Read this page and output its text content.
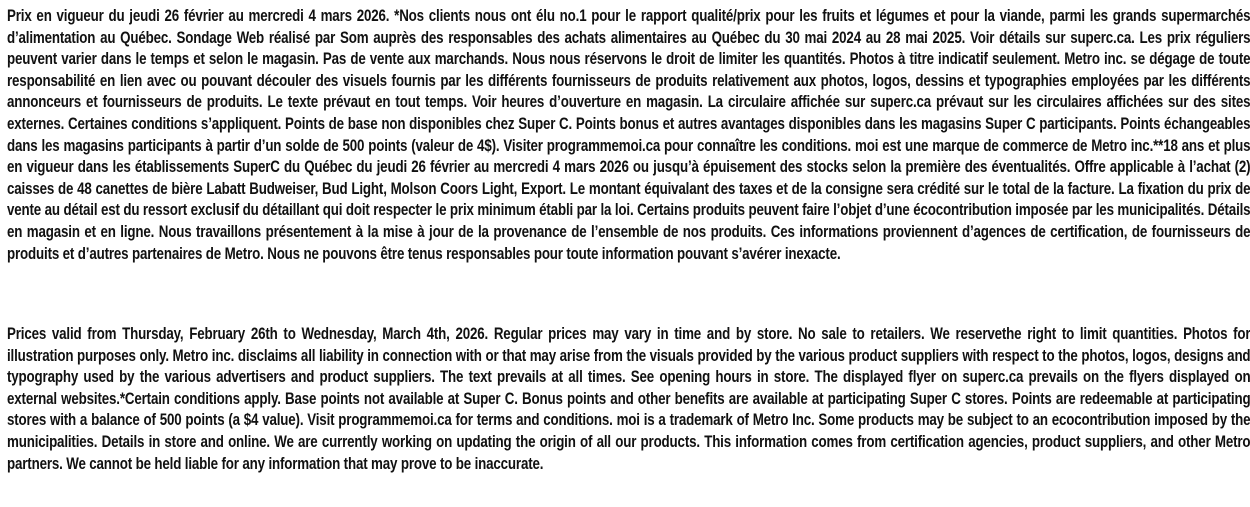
Prix en vigueur du jeudi 26 février au mercredi 4 mars 2026. *Nos clients nous ont élu no.1 pour le rapport qualité/prix pour les fruits et légumes et pour la viande, parmi les grands supermarchés d’alimentation au Québec. Sondage Web réalisé par Som auprès des responsables des achats alimentaires au Québec du 30 mai 2024 au 28 mai 2025. Voir détails sur superc.ca. Les prix réguliers peuvent varier dans le temps et selon le magasin. Pas de vente aux marchands. Nous nous réservons le droit de limiter les quantités. Photos à titre indicatif seulement. Metro inc. se dégage de toute responsabilité en lien avec ou pouvant découler des visuels fournis par les différents fournisseurs de produits relativement aux photos, logos, dessins et typographies employées par les différents annonceurs et fournisseurs de produits. Le texte prévaut en tout temps. Voir heures d’ouverture en magasin. La circulaire affichée sur superc.ca prévaut sur les circulaires affichées sur des sites externes. Certaines conditions s’appliquent. Points de base non disponibles chez Super C. Points bonus et autres avantages disponibles dans les magasins Super C participants. Points échangeables dans les magasins participants à partir d’un solde de 500 points (valeur de 4$). Visiter programmemoi.ca pour connaître les conditions. moi est une marque de commerce de Metro inc.**18 ans et plus en vigueur dans les établissements SuperC du Québec du jeudi 26 février au mercredi 4 mars 2026 ou jusqu’à épuisement des stocks selon la première des éventualités. Offre applicable à l’achat (2) caisses de 48 canettes de bière Labatt Budweiser, Bud Light, Molson Coors Light, Export. Le montant équivalant des taxes et de la consigne sera crédité sur le total de la facture. La fixation du prix de vente au détail est du ressort exclusif du détaillant qui doit respecter le prix minimum établi par la loi. Certains produits peuvent faire l’objet d’une écocontribution imposée par les municipalités. Détails en magasin et en ligne. Nous travaillons présentement à la mise à jour de la provenance de l’ensemble de nos produits. Ces informations proviennent d’agences de certification, de fournisseurs de produits et d’autres partenaires de Metro. Nous ne pouvons être tenus responsables pour toute information pouvant s’avérer inexacte.

Prices valid from Thursday, February 26th to Wednesday, March 4th, 2026. Regular prices may vary in time and by store. No sale to retailers. We reservethe right to limit quantities. Photos for illustration purposes only. Metro inc. disclaims all liability in connection with or that may arise from the visuals provided by the various product suppliers with respect to the photos, logos, designs and typography used by the various advertisers and product suppliers. The text prevails at all times. See opening hours in store. The displayed flyer on superc.ca prevails on the flyers displayed on external websites.*Certain conditions apply. Base points not available at Super C. Bonus points and other benefits are available at participating Super C stores. Points are redeemable at participating stores with a balance of 500 points (a $4 value). Visit programmemoi.ca for terms and conditions. moi is a trademark of Metro Inc. Some products may be subject to an ecocontribution imposed by the municipalities. Details in store and online. We are currently working on updating the origin of all our products. This information comes from certification agencies, product suppliers, and other Metro partners. We cannot be held liable for any information that may prove to be inaccurate.
